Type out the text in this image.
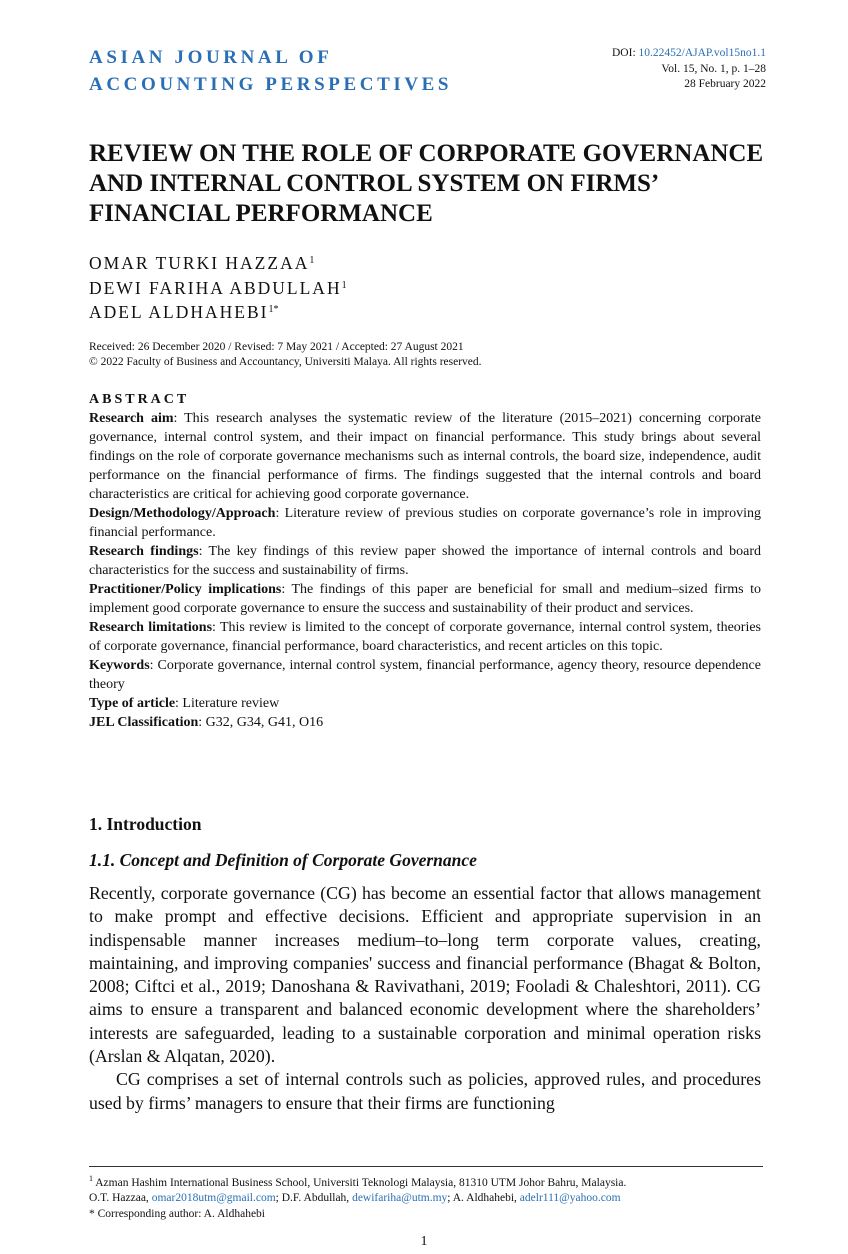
ASIAN JOURNAL OF
ACCOUNTING PERSPECTIVES
DOI: 10.22452/AJAP.vol15no1.1
Vol. 15, No. 1, p. 1–28
28 February 2022
REVIEW ON THE ROLE OF CORPORATE GOVERNANCE AND INTERNAL CONTROL SYSTEM ON FIRMS’ FINANCIAL PERFORMANCE
OMAR TURKI HAZZAA$^1$
DEWI FARIHA ABDULLAH$^1$
ADEL $ALDHAHEBI^{1*}$
Received: 26 December 2020 / Revised: 7 May 2021 / Accepted: 27 August 2021
© 2022 Faculty of Business and Accountancy, Universiti Malaya. All rights reserved.
ABSTRACT

Research aim: This research analyses the systematic review of the literature (2015–2021) concerning corporate governance, internal control system, and their impact on financial performance. This study brings about several findings on the role of corporate governance mechanisms such as internal controls, the board size, independence, audit performance on the financial performance of firms. The findings suggested that the internal controls and board characteristics are critical for achieving good corporate governance.

Design/Methodology/Approach: Literature review of previous studies on corporate governance’s role in improving financial performance.

Research findings: The key findings of this review paper showed the importance of internal controls and board characteristics for the success and sustainability of firms.

Practitioner/Policy implications: The findings of this paper are beneficial for small and medium–sized firms to implement good corporate governance to ensure the success and sustainability of their product and services.

Research limitations: This review is limited to the concept of corporate governance, internal control system, theories of corporate governance, financial performance, board characteristics, and recent articles on this topic.

Keywords: Corporate governance, internal control system, financial performance, agency theory, resource dependence theory

Type of article: Literature review

JEL Classification: G32, G34, G41, O16

1. Introduction
1.1. Concept and Definition of Corporate Governance

Recently, corporate governance (CG) has become an essential factor that allows management to make prompt and effective decisions. Efficient and appropriate supervision in an indispensable manner increases medium–to–long term corporate values, creating, maintaining, and improving companies' success and financial performance (Bhagat & Bolton, 2008; Ciftci et al., 2019; Danoshana & Ravivathani, 2019; Fooladi & Chaleshtori, 2011). CG aims to ensure a transparent and balanced economic development where the shareholders’ interests are safeguarded, leading to a sustainable corporation and minimal operation risks (Arslan & Alqatan, 2020).

CG comprises a set of internal controls such as policies, approved rules, and procedures used by firms’ managers to ensure that their firms are functioning

$^1$ Azman Hashim International Business School, Universiti Teknologi Malaysia, 81310 UTM Johor Bahru, Malaysia.
O.T. Hazzaa, omar2018utm@gmail.com; D.F. Abdullah, dewifariha@utm.my; A. Aldhahebi, adelr111@yahoo.com
* Corresponding author: A. Aldhahebi
1
